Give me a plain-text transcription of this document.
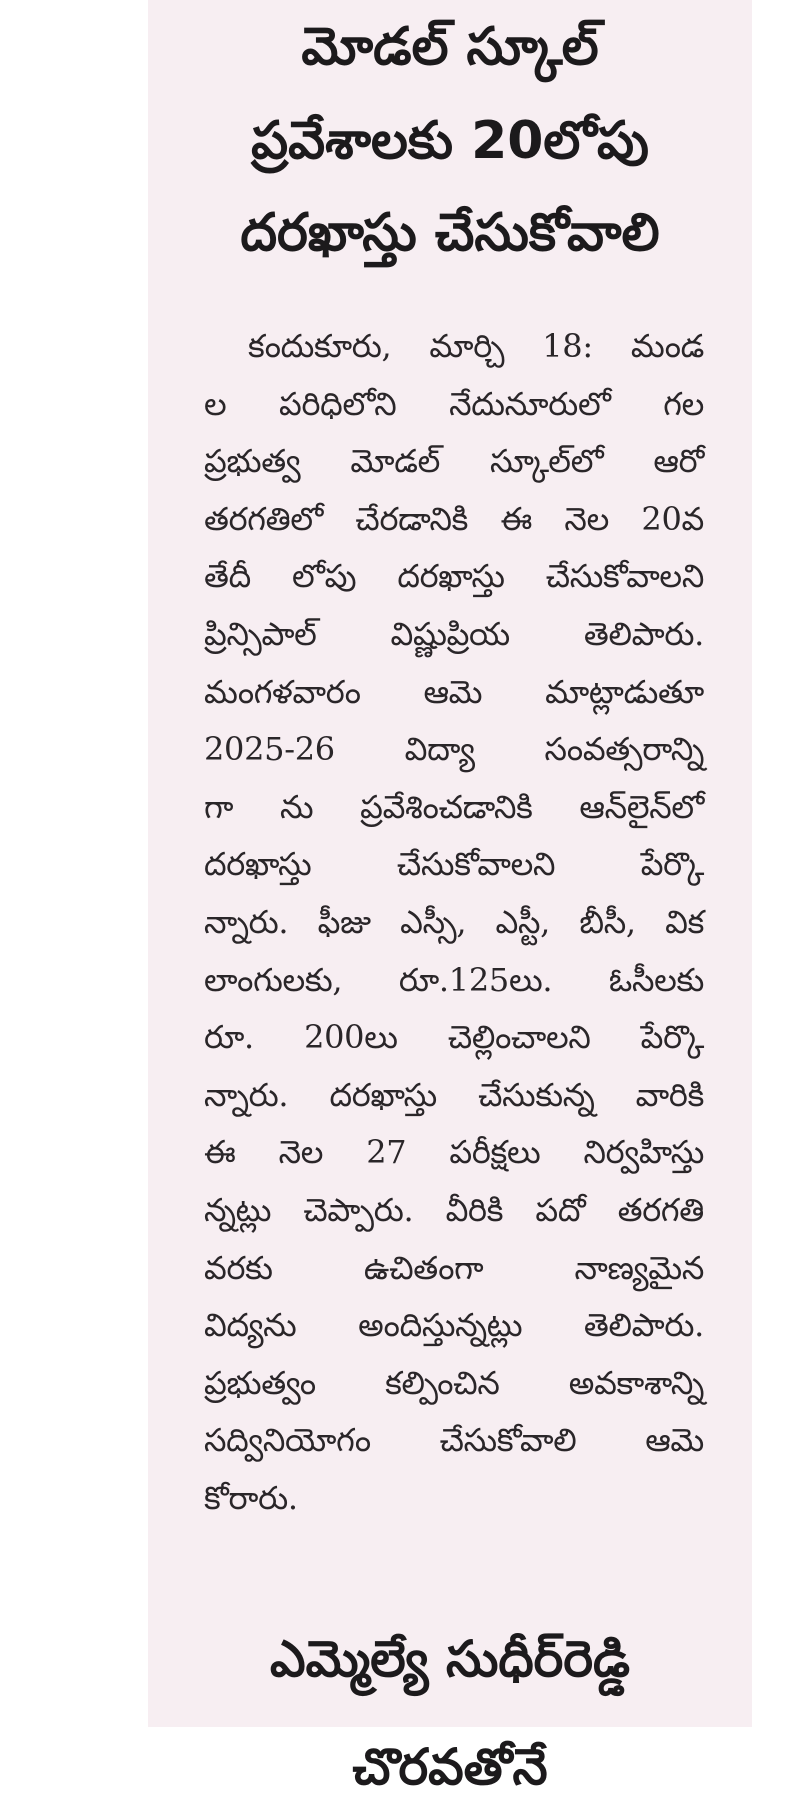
మోడల్ స్కూల్
ప్రవేశాలకు 20లోపు
దరఖాస్తు చేసుకోవాలి
కందుకూరు, మార్చి 18: మండ
ల పరిధిలోని నేదునూరులో గల
ప్రభుత్వ మోడల్ స్కూల్‌లో ఆరో
తరగతిలో చేరడానికి ఈ నెల 20వ
తేదీ లోపు దరఖాస్తు చేసుకోవాలని
ప్రిన్సిపాల్ విష్ణుప్రియ తెలిపారు.
మంగళవారం ఆమె మాట్లాడుతూ
2025-26 విద్యా సంవత్సరాన్ని
గా ను ప్రవేశించడానికి ఆన్‌లైన్‌లో
దరఖాస్తు చేసుకోవాలని పేర్కొ
న్నారు. ఫీజు ఎస్సీ, ఎస్టీ, బీసీ, విక
లాంగులకు, రూ.125లు. ఓసీలకు
రూ. 200లు చెల్లించాలని పేర్కొ
న్నారు. దరఖాస్తు చేసుకున్న వారికి
ఈ నెల 27 పరీక్షలు నిర్వహిస్తు
న్నట్లు చెప్పారు. వీరికి పదో తరగతి
వరకు ఉచితంగా నాణ్యమైన
విద్యను అందిస్తున్నట్లు తెలిపారు.
ప్రభుత్వం కల్పించిన అవకాశాన్ని
సద్వినియోగం చేసుకోవాలి ఆమె
కోరారు.
ఎమ్మెల్యే సుధీర్‌రెడ్డి
చొరవతోనే
